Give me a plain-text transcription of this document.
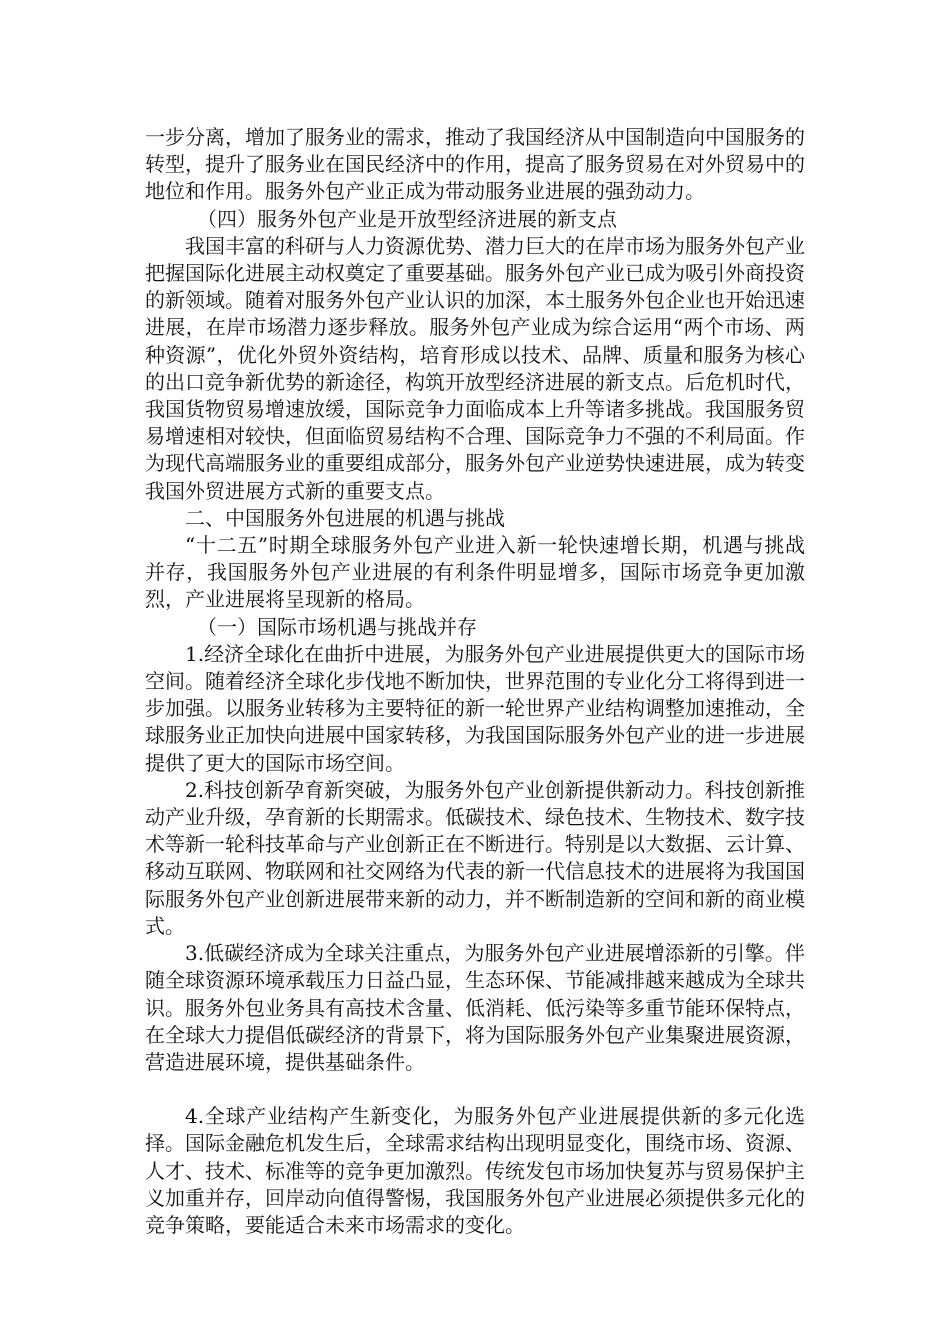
一步分离，增加了服务业的需求，推动了我国经济从中国制造向中国服务的转型，提升了服务业在国民经济中的作用，提高了服务贸易在对外贸易中的地位和作用。服务外包产业正成为带动服务业进展的强劲动力。

（四）服务外包产业是开放型经济进展的新支点

我国丰富的科研与人力资源优势、潜力巨大的在岸市场为服务外包产业把握国际化进展主动权奠定了重要基础。服务外包产业已成为吸引外商投资的新领域。随着对服务外包产业认识的加深，本土服务外包企业也开始迅速进展，在岸市场潜力逐步释放。服务外包产业成为综合运用“两个市场、两种资源”，优化外贸外资结构，培育形成以技术、品牌、质量和服务为核心的出口竞争新优势的新途径，构筑开放型经济进展的新支点。后危机时代，我国货物贸易增速放缓，国际竞争力面临成本上升等诸多挑战。我国服务贸易增速相对较快，但面临贸易结构不合理、国际竞争力不强的不利局面。作为现代高端服务业的重要组成部分，服务外包产业逆势快速进展，成为转变我国外贸进展方式新的重要支点。

二、中国服务外包进展的机遇与挑战

“十二五”时期全球服务外包产业进入新一轮快速增长期，机遇与挑战并存，我国服务外包产业进展的有利条件明显增多，国际市场竞争更加激烈，产业进展将呈现新的格局。

（一）国际市场机遇与挑战并存

1.经济全球化在曲折中进展，为服务外包产业进展提供更大的国际市场空间。随着经济全球化步伐地不断加快，世界范围的专业化分工将得到进一步加强。以服务业转移为主要特征的新一轮世界产业结构调整加速推动，全球服务业正加快向进展中国家转移，为我国国际服务外包产业的进一步进展提供了更大的国际市场空间。

2.科技创新孕育新突破，为服务外包产业创新提供新动力。科技创新推动产业升级，孕育新的长期需求。低碳技术、绿色技术、生物技术、数字技术等新一轮科技革命与产业创新正在不断进行。特别是以大数据、云计算、移动互联网、物联网和社交网络为代表的新一代信息技术的进展将为我国国际服务外包产业创新进展带来新的动力，并不断制造新的空间和新的商业模式。

3.低碳经济成为全球关注重点，为服务外包产业进展增添新的引擎。伴随全球资源环境承载压力日益凸显，生态环保、节能减排越来越成为全球共识。服务外包业务具有高技术含量、低消耗、低污染等多重节能环保特点，在全球大力提倡低碳经济的背景下，将为国际服务外包产业集聚进展资源，营造进展环境，提供基础条件。

4.全球产业结构产生新变化，为服务外包产业进展提供新的多元化选择。国际金融危机发生后，全球需求结构出现明显变化，围绕市场、资源、人才、技术、标准等的竞争更加激烈。传统发包市场加快复苏与贸易保护主义加重并存，回岸动向值得警惕，我国服务外包产业进展必须提供多元化的竞争策略，要能适合未来市场需求的变化。
